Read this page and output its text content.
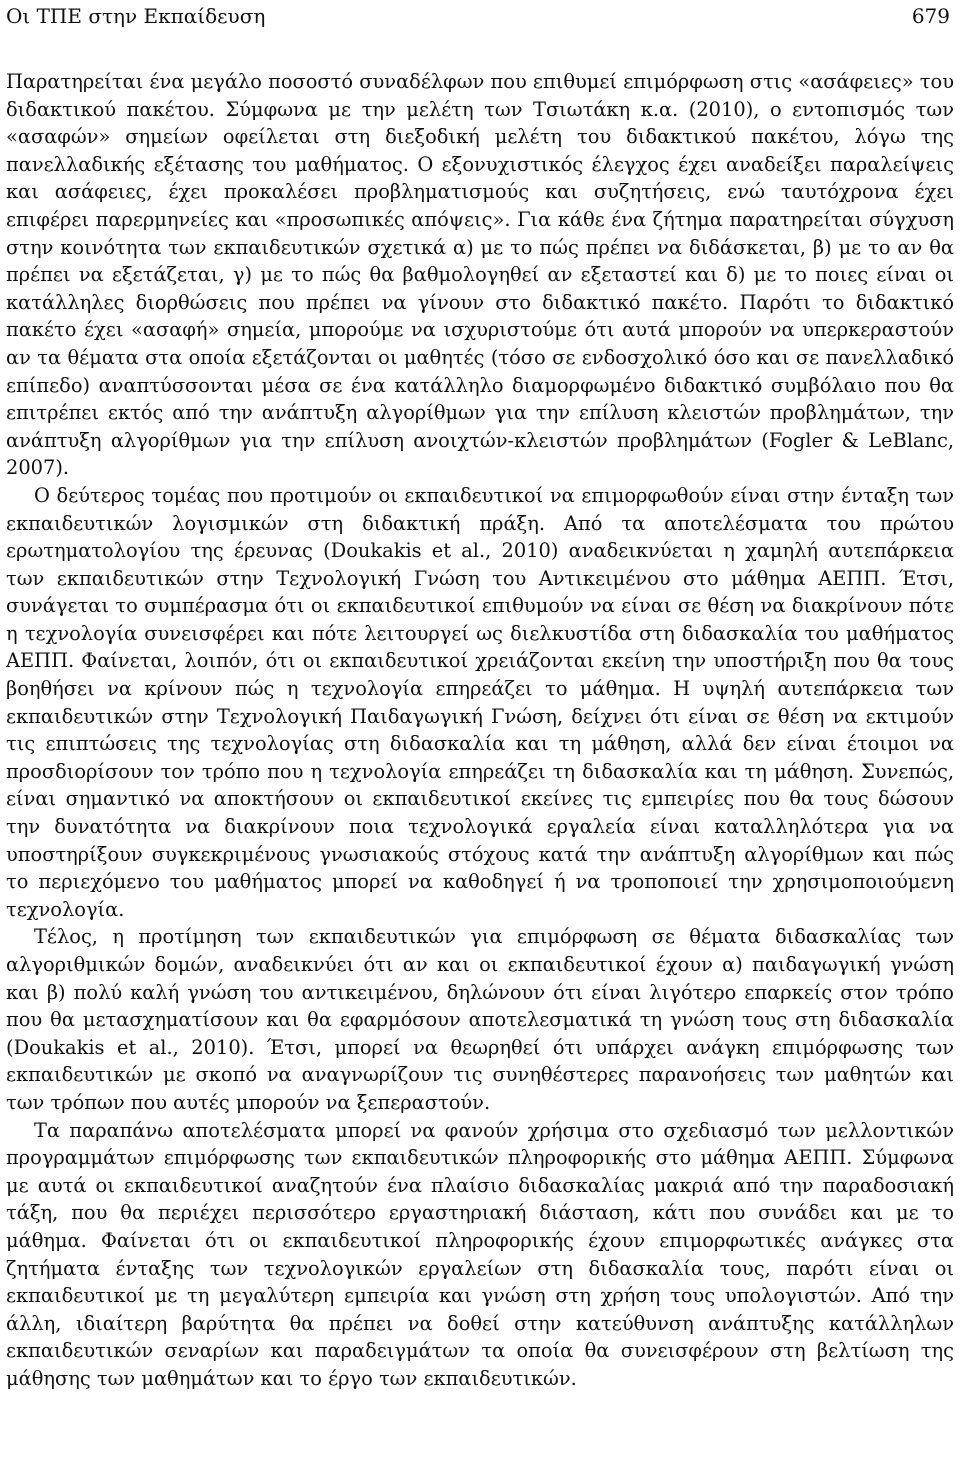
Οι ΤΠΕ στην Εκπαίδευση	679

Παρατηρείται ένα μεγάλο ποσοστό συναδέλφων που επιθυμεί επιμόρφωση στις «ασάφειες» του διδακτικού πακέτου. Σύμφωνα με την μελέτη των Τσιωτάκη κ.α. (2010), ο εντοπισμός των «ασαφών» σημείων οφείλεται στη διεξοδική μελέτη του διδακτικού πακέτου, λόγω της πανελλαδικής εξέτασης του μαθήματος. Ο εξονυχιστικός έλεγχος έχει αναδείξει παραλείψεις και ασάφειες, έχει προκαλέσει προβληματισμούς και συζητήσεις, ενώ ταυτόχρονα έχει επιφέρει παρερμηνείες και «προσωπικές απόψεις». Για κάθε ένα ζήτημα παρατηρείται σύγχυση στην κοινότητα των εκπαιδευτικών σχετικά α) με το πώς πρέπει να διδάσκεται, β) με το αν θα πρέπει να εξετάζεται, γ) με το πώς θα βαθμολογηθεί αν εξεταστεί και δ) με το ποιες είναι οι κατάλληλες διορθώσεις που πρέπει να γίνουν στο διδακτικό πακέτο. Παρότι το διδακτικό πακέτο έχει «ασαφή» σημεία, μπορούμε να ισχυριστούμε ότι αυτά μπορούν να υπερκεραστούν αν τα θέματα στα οποία εξετάζονται οι μαθητές (τόσο σε ενδοσχολικό όσο και σε πανελλαδικό επίπεδο) αναπτύσσονται μέσα σε ένα κατάλληλο διαμορφωμένο διδακτικό συμβόλαιο που θα επιτρέπει εκτός από την ανάπτυξη αλγορίθμων για την επίλυση κλειστών προβλημάτων, την ανάπτυξη αλγορίθμων για την επίλυση ανοιχτών-κλειστών προβλημάτων (Fogler & LeBlanc, 2007).

Ο δεύτερος τομέας που προτιμούν οι εκπαιδευτικοί να επιμορφωθούν είναι στην ένταξη των εκπαιδευτικών λογισμικών στη διδακτική πράξη. Από τα αποτελέσματα του πρώτου ερωτηματολογίου της έρευνας (Doukakis et al., 2010) αναδεικνύεται η χαμηλή αυτεπάρκεια των εκπαιδευτικών στην Τεχνολογική Γνώση του Αντικειμένου στο μάθημα ΑΕΠΠ. Έτσι, συνάγεται το συμπέρασμα ότι οι εκπαιδευτικοί επιθυμούν να είναι σε θέση να διακρίνουν πότε η τεχνολογία συνεισφέρει και πότε λειτουργεί ως διελκυστίδα στη διδασκαλία του μαθήματος ΑΕΠΠ. Φαίνεται, λοιπόν, ότι οι εκπαιδευτικοί χρειάζονται εκείνη την υποστήριξη που θα τους βοηθήσει να κρίνουν πώς η τεχνολογία επηρεάζει το μάθημα. Η υψηλή αυτεπάρκεια των εκπαιδευτικών στην Τεχνολογική Παιδαγωγική Γνώση, δείχνει ότι είναι σε θέση να εκτιμούν τις επιπτώσεις της τεχνολογίας στη διδασκαλία και τη μάθηση, αλλά δεν είναι έτοιμοι να προσδιορίσουν τον τρόπο που η τεχνολογία επηρεάζει τη διδασκαλία και τη μάθηση. Συνεπώς, είναι σημαντικό να αποκτήσουν οι εκπαιδευτικοί εκείνες τις εμπειρίες που θα τους δώσουν την δυνατότητα να διακρίνουν ποια τεχνολογικά εργαλεία είναι καταλληλότερα για να υποστηρίξουν συγκεκριμένους γνωσιακούς στόχους κατά την ανάπτυξη αλγορίθμων και πώς το περιεχόμενο του μαθήματος μπορεί να καθοδηγεί ή να τροποποιεί την χρησιμοποιούμενη τεχνολογία.

Τέλος, η προτίμηση των εκπαιδευτικών για επιμόρφωση σε θέματα διδασκαλίας των αλγοριθμικών δομών, αναδεικνύει ότι αν και οι εκπαιδευτικοί έχουν α) παιδαγωγική γνώση και β) πολύ καλή γνώση του αντικειμένου, δηλώνουν ότι είναι λιγότερο επαρκείς στον τρόπο που θα μετασχηματίσουν και θα εφαρμόσουν αποτελεσματικά τη γνώση τους στη διδασκαλία (Doukakis et al., 2010). Έτσι, μπορεί να θεωρηθεί ότι υπάρχει ανάγκη επιμόρφωσης των εκπαιδευτικών με σκοπό να αναγνωρίζουν τις συνηθέστερες παρανοήσεις των μαθητών και των τρόπων που αυτές μπορούν να ξεπεραστούν.

Τα παραπάνω αποτελέσματα μπορεί να φανούν χρήσιμα στο σχεδιασμό των μελλοντικών προγραμμάτων επιμόρφωσης των εκπαιδευτικών πληροφορικής στο μάθημα ΑΕΠΠ. Σύμφωνα με αυτά οι εκπαιδευτικοί αναζητούν ένα πλαίσιο διδασκαλίας μακριά από την παραδοσιακή τάξη, που θα περιέχει περισσότερο εργαστηριακή διάσταση, κάτι που συνάδει και με το μάθημα. Φαίνεται ότι οι εκπαιδευτικοί πληροφορικής έχουν επιμορφωτικές ανάγκες στα ζητήματα ένταξης των τεχνολογικών εργαλείων στη διδασκαλία τους, παρότι είναι οι εκπαιδευτικοί με τη μεγαλύτερη εμπειρία και γνώση στη χρήση τους υπολογιστών. Από την άλλη, ιδιαίτερη βαρύτητα θα πρέπει να δοθεί στην κατεύθυνση ανάπτυξης κατάλληλων εκπαιδευτικών σεναρίων και παραδειγμάτων τα οποία θα συνεισφέρουν στη βελτίωση της μάθησης των μαθημάτων και το έργο των εκπαιδευτικών.
